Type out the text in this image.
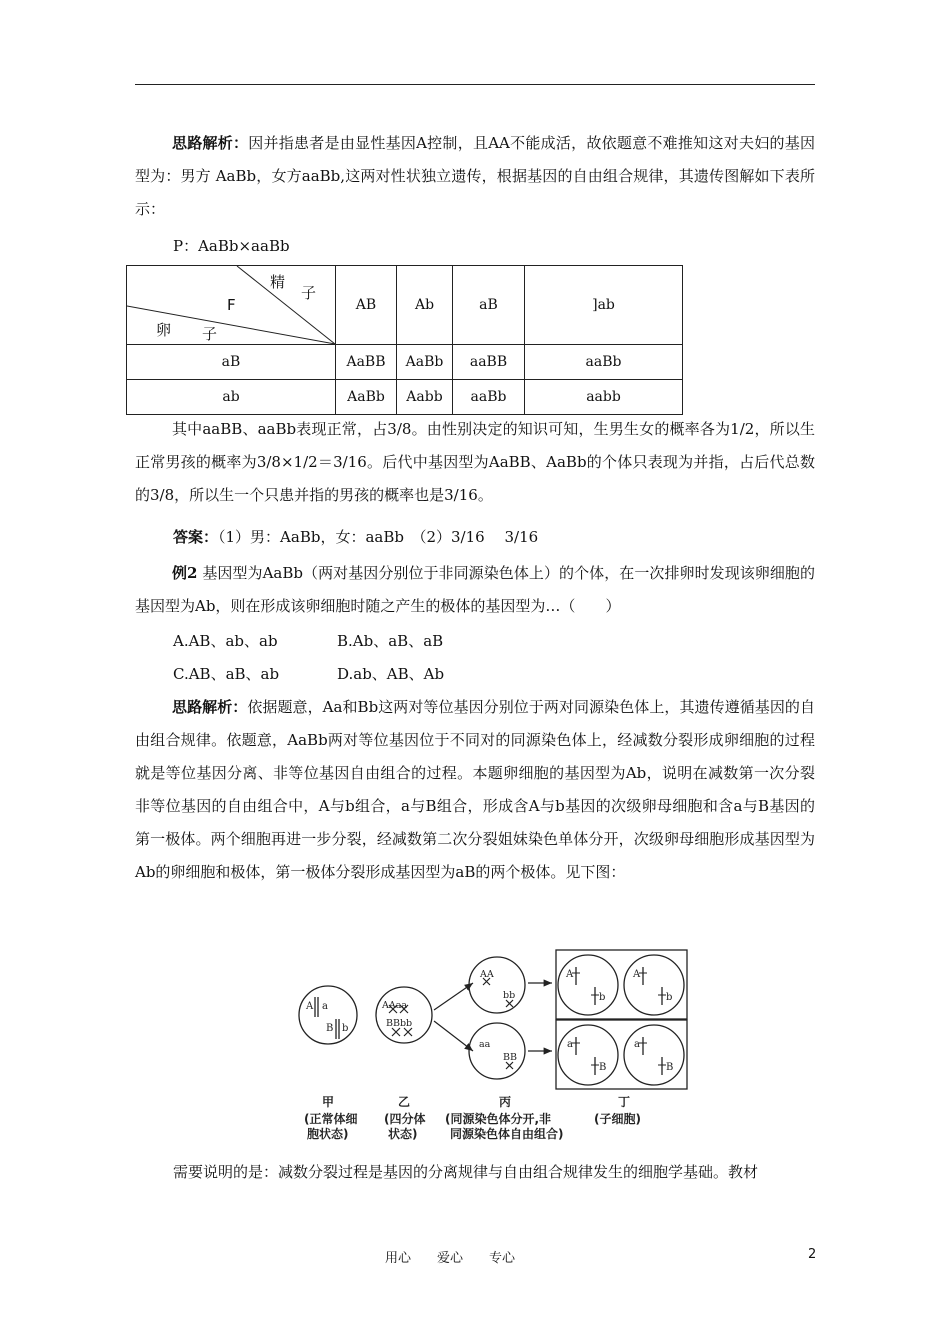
思路解析：因并指患者是由显性基因A控制，且AA不能成活，故依题意不难推知这对夫妇的基因型为：男方 AaBb，女方aaBb,这两对性状独立遗传，根据基因的自由组合规律，其遗传图解如下表所示：

P：AaBb×aaBb
精
子
F
卵 子	AB	Ab	aB	]ab
aB	AaBB	AaBb	aaBB	aaBb
ab	AaBb	Aabb	aaBb	aabb

其中aaBB、aaBb表现正常，占3/8。由性别决定的知识可知，生男生女的概率各为1/2，所以生正常男孩的概率为3/8×1/2＝3/16。后代中基因型为AaBB、AaBb的个体只表现为并指，占后代总数的3/8，所以生一个只患并指的男孩的概率也是3/16。

答案：（1）男：AaBb，女：aaBb　（2）3/16　 3/16

例2 基因型为AaBb（两对基因分别位于非同源染色体上）的个体，在一次排卵时发现该卵细胞的基因型为Ab，则在形成该卵细胞时随之产生的极体的基因型为…（　　）

A.AB、ab、ab	B.Ab、aB、aB
C.AB、aB、ab	D.ab、AB、Ab

思路解析：依据题意，Aa和Bb这两对等位基因分别位于两对同源染色体上，其遗传遵循基因的自由组合规律。依题意，AaBb两对等位基因位于不同对的同源染色体上，经减数分裂形成卵细胞的过程就是等位基因分离、非等位基因自由组合的过程。本题卵细胞的基因型为Ab，说明在减数第一次分裂非等位基因的自由组合中，A与b组合，a与B组合，形成含A与b基因的次级卵母细胞和含a与B基因的第一极体。两个细胞再进一步分裂，经减数第二次分裂姐妹染色单体分开，次级卵母细胞形成基因型为Ab的卵细胞和极体，第一极体分裂形成基因型为aB的两个极体。见下图：

A a
B b
AAaa
BBbb
AA
bb
aa
BB
A
b
A
b
a
B
a
B
甲
(正常体细
胞状态)
乙
(四分体
状态)
丙
(同源染色体分开,非
同源染色体自由组合)
丁
(子细胞)
需要说明的是：减数分裂过程是基因的分离规律与自由组合规律发生的细胞学基础。教材
用心　　爱心　　专心	2
